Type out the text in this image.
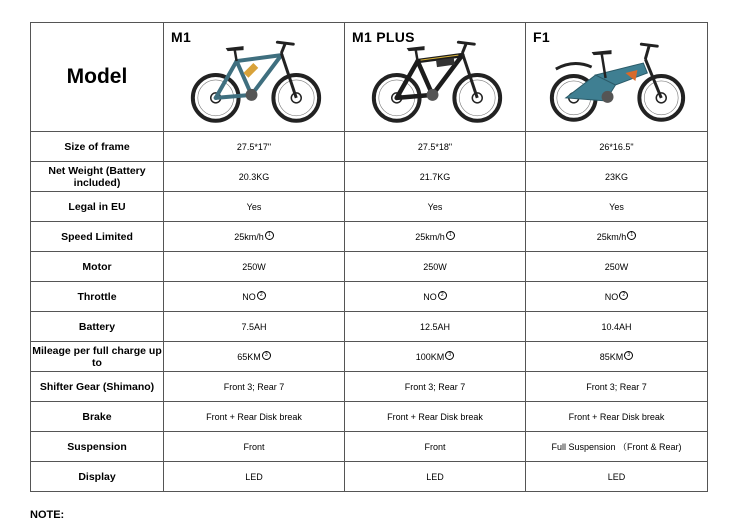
Model	M1	M1 PLUS	F1

Size of frame	27.5*17"	27.5*18"	26*16.5"
Net Weight (Battery included)	20.3KG	21.7KG	23KG
Legal in EU	Yes	Yes	Yes
Speed Limited	25km/h 1	25km/h 1	25km/h 1
Motor	250W	250W	250W
Throttle	NO 2	NO 2	NO 2
Battery	7.5AH	12.5AH	10.4AH
Mileage per full charge up to	65KM 3	100KM 3	85KM 3
Shifter Gear (Shimano)	Front 3; Rear 7	Front 3; Rear 7	Front 3; Rear 7
Brake	Front + Rear Disk break	Front + Rear Disk break	Front + Rear Disk break
Suspension	Front	Front	Full Suspension （Front & Rear)
Display	LED	LED	LED
NOTE:
